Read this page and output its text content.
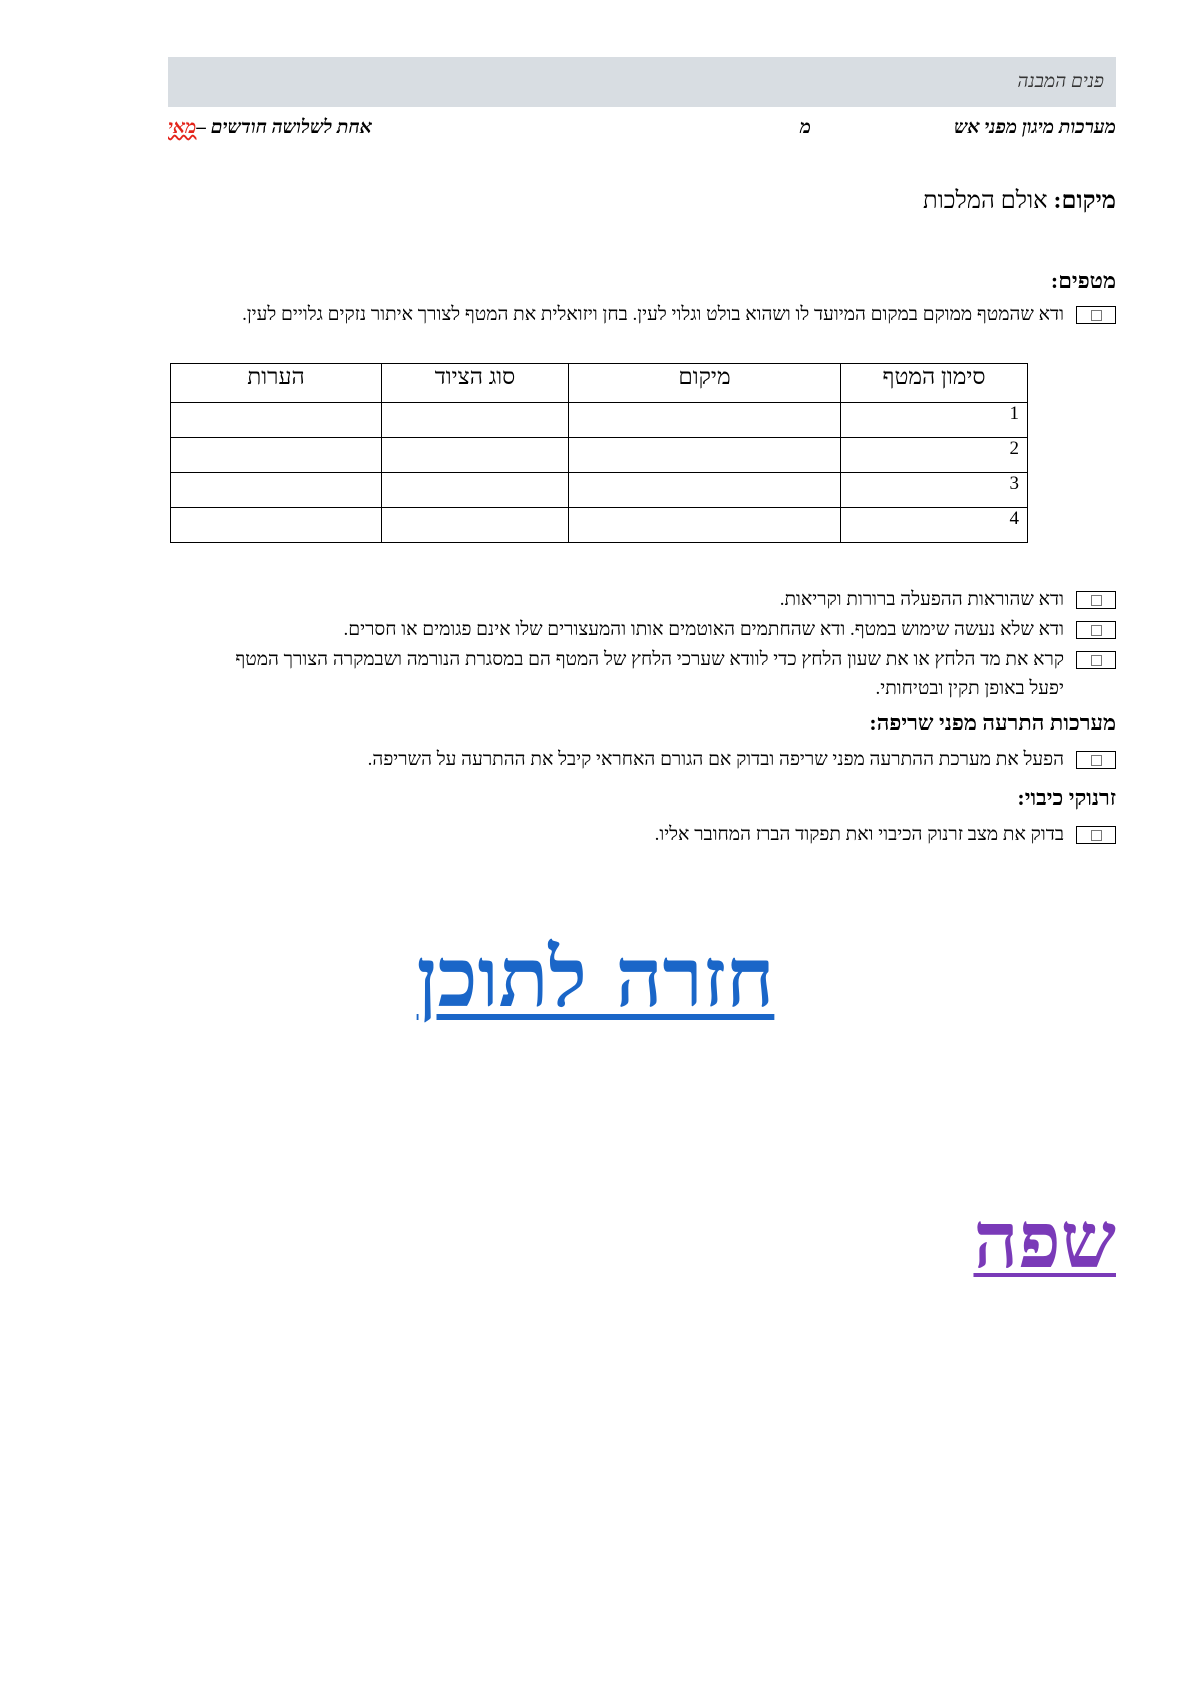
פנים המבנה
מערכות מיגון מפני אש
מ
אחת לשלושה חודשים –מאי
מיקום: אולם המלכות
מטפים:
ודא שהמטף ממוקם במקום המיועד לו ושהוא בולט וגלוי לעין. בחן ויזואלית את המטף לצורך איתור נזקים גלויים לעין.
סימון המטף	מיקום	סוג הציוד	הערות
1			
2			
3			
4			
ודא שהוראות ההפעלה ברורות וקריאות.
ודא שלא נעשה שימוש במטף. ודא שהחתמים האוטמים אותו והמעצורים שלו אינם פגומים או חסרים.
קרא את מד הלחץ או את שעון הלחץ כדי לוודא שערכי הלחץ של המטף הם במסגרת הנורמה ושבמקרה הצורך המטף יפעל באופן תקין ובטיחותי.
מערכות התרעה מפני שריפה:
הפעל את מערכת ההתרעה מפני שריפה ובדוק אם הגורם האחראי קיבל את ההתרעה על השריפה.
זרנוקי כיבוי:
בדוק את מצב זרנוק הכיבוי ואת תפקוד הברז המחובר אליו.
חזרה לתוכן
שפה
